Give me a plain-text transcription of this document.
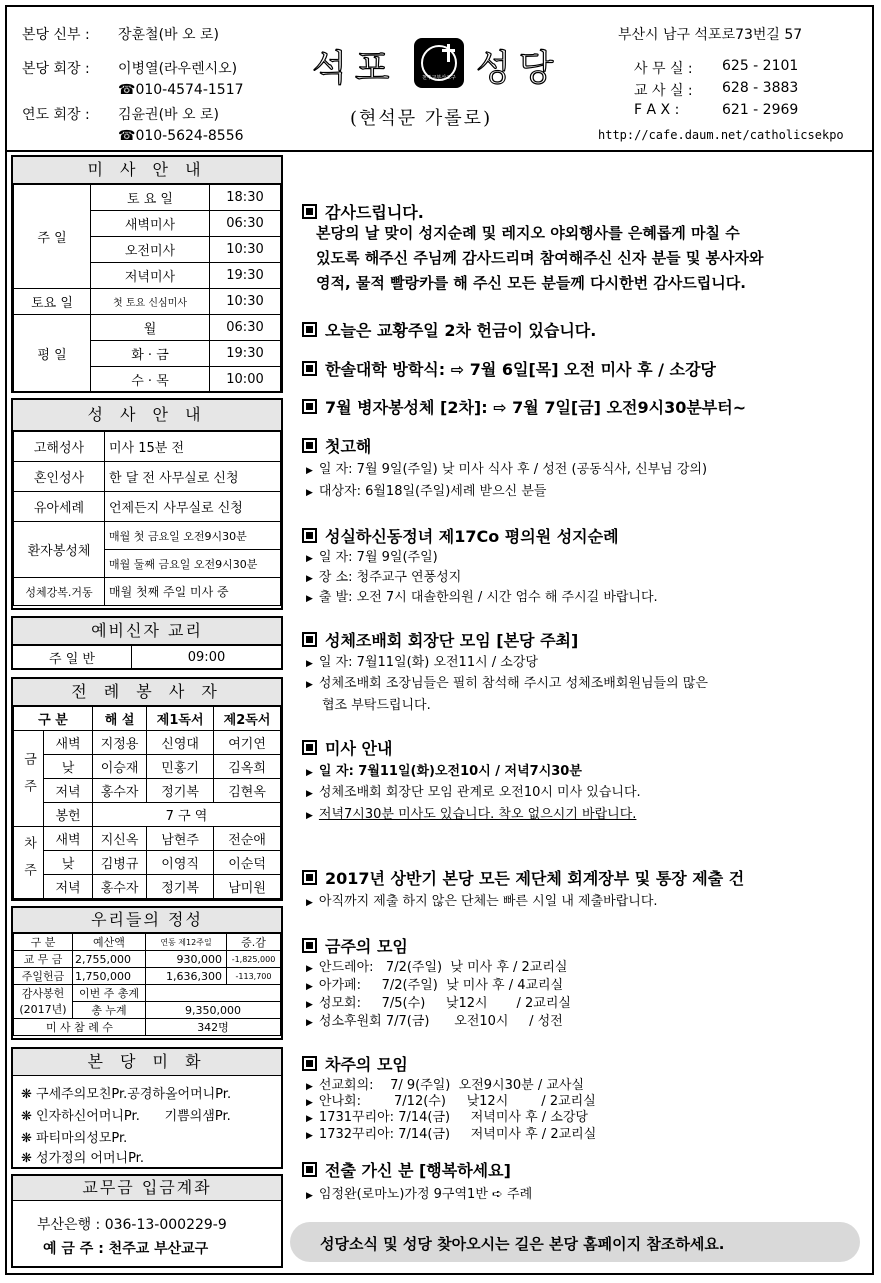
본당 신부 : 장훈철(바 오 로)
본당 회장 : 이병열(라우렌시오)
☎010-4574-1517
연도 회장 : 김윤권(바 오 로)
☎010-5624-8556
석포	천주교부산교구 성당
(현석문 가롤로)
부산시 남구 석포로73번길 57
사 무 실 : 625 - 2101
교 사 실 : 628 - 3883
F A X :	621 - 2969
http://cafe.daum.net/catholicsekpo
미 사 안 내
주 일	토 요 일	18:30
	새벽미사	06:30
	오전미사	10:30
	저녁미사	19:30
토요 일	첫 토요 신심미사	10:30
평 일	월	06:30
	화 · 금	19:30
	수 · 목	10:00
성 사 안 내
고해성사	미사 15분 전
혼인성사	한 달 전 사무실로 신청
유아세례	언제든지 사무실로 신청
환자봉성체	매월 첫 금요일 오전9시30분
	매월 둘째 금요일 오전9시30분
성체강복.거동	매월 첫째 주일 미사 중
예비신자 교리
주 일 반	09:00
전 례 봉 사 자
구 분		해 설	제1독서	제2독서
금주	새벽	지정용	신영대	여기연
	낮	이승재	민홍기	김옥희
	저녁	홍수자	정기복	김현옥
	봉헌	7 구 역		
차주	새벽	지신옥	남현주	전순애
	낮	김병규	이영직	이순덕
	저녁	홍수자	정기복	남미원
우리들의 정성
구 분	예산액	연동 제12주일	증.감
교 무 금	2,755,000	930,000	-1,825,000
주일헌금	1,750,000	1,636,300	-113,700
감사봉헌
(2017년)	이번 주 총계		
	총 누계	9,350,000	
미 사 참 례 수		342명	
본 당 미 화
❋ 구세주의모친Pr.공경하올어머니Pr.
❋ 인자하신어머니Pr.      기쁨의샘Pr.
❋ 파티마의성모Pr.
❋ 성가정의 어머니Pr.
교무금 입금계좌
부산은행 : 036-13-000229-9
예 금 주 : 천주교 부산교구
감사드립니다.
본당의 날 맞이 성지순례 및 레지오 야외행사를 은혜롭게 마칠 수
있도록 해주신 주님께 감사드리며 참여해주신 신자 분들 및 봉사자와
영적, 물적 빨랑카를 해 주신 모든 분들께 다시한번 감사드립니다.
오늘은 교황주일 2차 헌금이 있습니다.
한솔대학 방학식: ⇨ 7월 6일[목] 오전 미사 후 / 소강당
7월 병자봉성체 [2차]: ⇨ 7월 7일[금] 오전9시30분부터~
첫고해
▶ 일 자: 7월 9일(주일) 낮 미사 식사 후 / 성전 (공동식사, 신부님 강의)
▶ 대상자: 6월18일(주일)세례 받으신 분들
성실하신동정녀 제17Co 평의원 성지순례
▶ 일 자: 7월 9일(주일)
▶ 장 소: 청주교구 연풍성지
▶ 출 발: 오전 7시 대솔한의원 / 시간 엄수 해 주시길 바랍니다.
성체조배회 회장단 모임 [본당 주최]
▶ 일 자: 7월11일(화) 오전11시 / 소강당
▶ 성체조배회 조장님들은 필히 참석해 주시고 성체조배회원님들의 많은
협조 부탁드립니다.
미사 안내
▶ 일 자: 7월11일(화)오전10시 / 저녁7시30분
▶ 성체조배회 회장단 모임 관계로 오전10시 미사 있습니다.
▶ 저녁7시30분 미사도 있습니다. 착오 없으시기 바랍니다.
2017년 상반기 본당 모든 제단체 회계장부 및 통장 제출 건
▶ 아직까지 제출 하지 않은 단체는 빠른 시일 내 제출바랍니다.
금주의 모임
▶ 안드레아:   7/2(주일)  낮 미사 후 / 2교리실
▶ 아가페:     7/2(주일)  낮 미사 후 / 4교리실
▶ 성모회:     7/5(수)     낮12시       / 2교리실
▶ 성소후원회 7/7(금)      오전10시     / 성전
차주의 모임
▶ 선교회의:    7/ 9(주일)  오전9시30분 / 교사실
▶ 안나회:        7/12(수)     낮12시        / 2교리실
▶ 1731꾸리아: 7/14(금)     저녁미사 후 / 소강당
▶ 1732꾸리아: 7/14(금)     저녁미사 후 / 2교리실
전출 가신 분 [행복하세요]
▶ 임정완(로마노)가정 9구역1반 ➪ 주례
성당소식 및 성당 찾아오시는 길은 본당 홈페이지 참조하세요.
